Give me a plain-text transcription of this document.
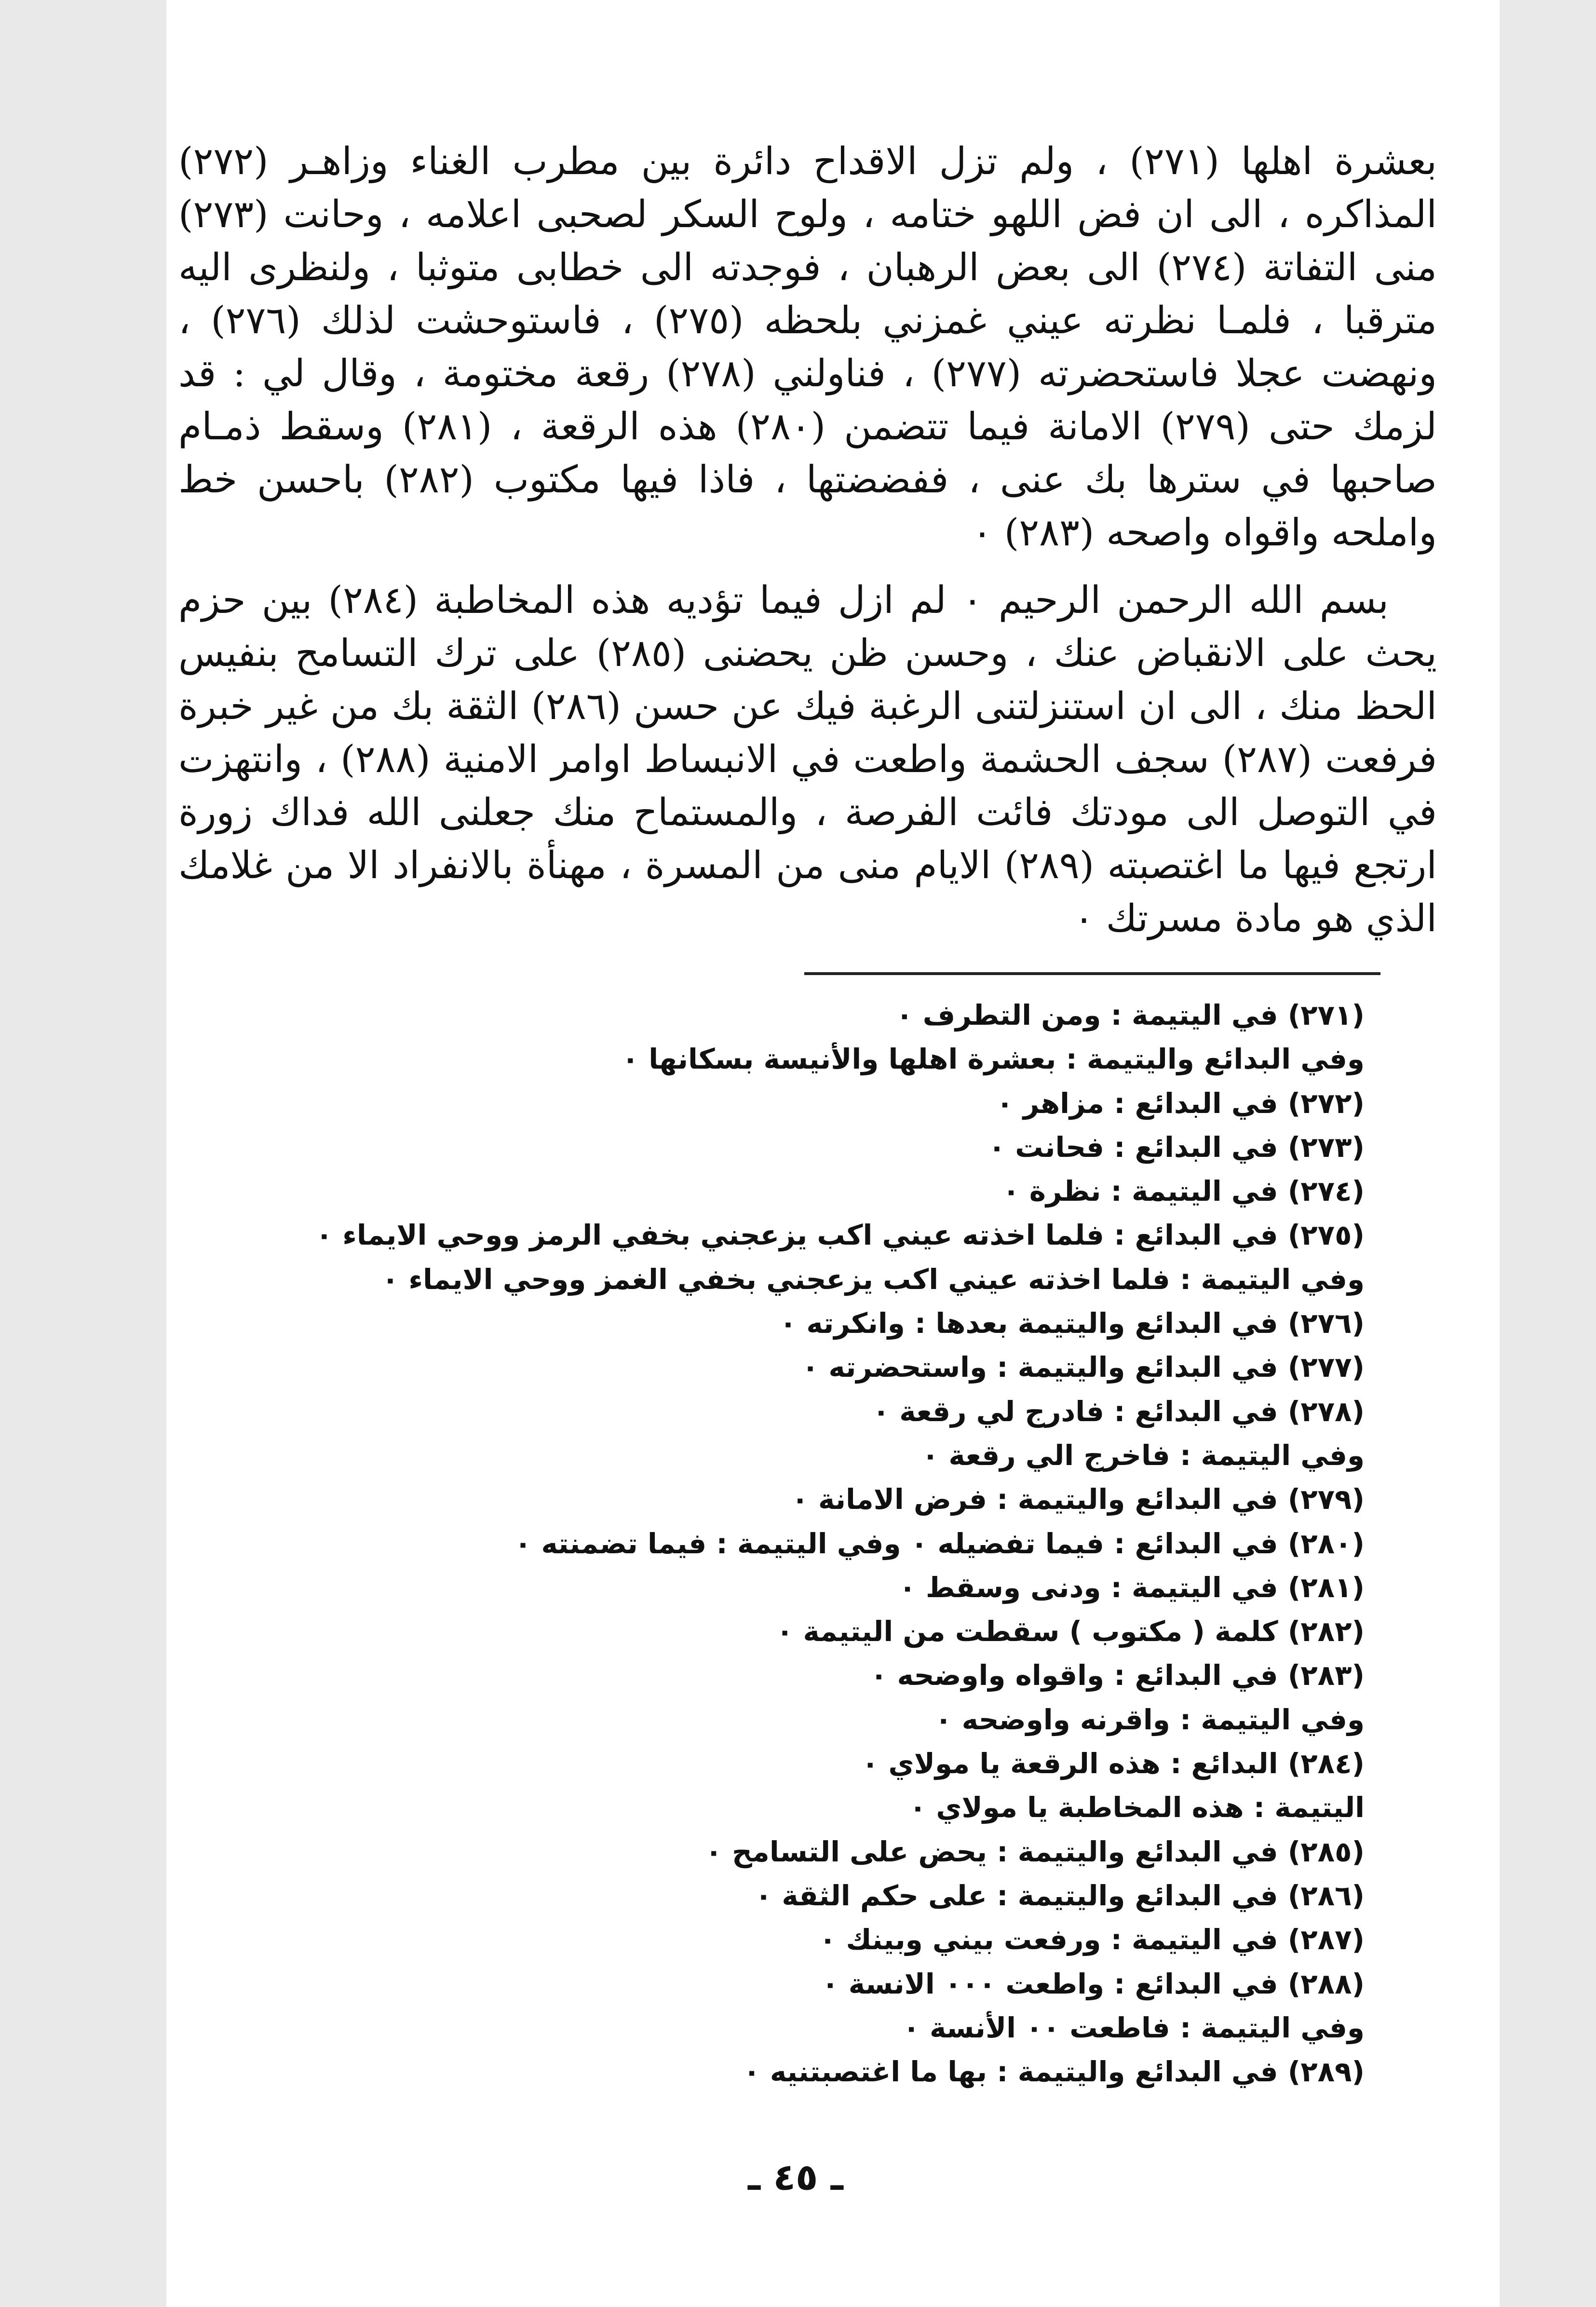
بعشرة اهلها (٢٧١) ، ولم تزل الاقداح دائرة بين مطرب الغناء وزاهـر (٢٧٢) المذاكره ، الى ان فض اللهو ختامه ، ولوح السكر لصحبى اعلامه ، وحانت (٢٧٣) منى التفاتة (٢٧٤) الى بعض الرهبان ، فوجدته الى خطابى متوثبا ، ولنظرى اليه مترقبا ، فلمـا نظرته عيني غمزني بلحظه (٢٧٥) ، فاستوحشت لذلك (٢٧٦) ، ونهضت عجلا فاستحضرته (٢٧٧) ، فناولني (٢٧٨) رقعة مختومة ، وقال لي : قد لزمك حتى (٢٧٩) الامانة فيما تتضمن (٢٨٠) هذه الرقعة ، (٢٨١) وسقط ذمـام صاحبها في سترها بك عنى ، ففضضتها ، فاذا فيها مكتوب (٢٨٢) باحسن خط واملحه واقواه واصحه (٢٨٣) ٠

بسم الله الرحمن الرحيم ٠ لم ازل فيما تؤديه هذه المخاطبة (٢٨٤) بين حزم يحث على الانقباض عنك ، وحسن ظن يحضنى (٢٨٥) على ترك التسامح بنفيس الحظ منك ، الى ان استنزلتنى الرغبة فيك عن حسن (٢٨٦) الثقة بك من غير خبرة فرفعت (٢٨٧) سجف الحشمة واطعت في الانبساط اوامر الامنية (٢٨٨) ، وانتهزت في التوصل الى مودتك فائت الفرصة ، والمستماح منك جعلنى الله فداك زورة ارتجع فيها ما اغتصبته (٢٨٩) الايام منى من المسرة ، مهنأة بالانفراد الا من غلامك الذي هو مادة مسرتك ٠

(٢٧١) في اليتيمة : ومن التطرف ٠
وفي البدائع واليتيمة : بعشرة اهلها والأنيسة بسكانها ٠
(٢٧٢) في البدائع : مزاهر ٠
(٢٧٣) في البدائع : فحانت ٠
(٢٧٤) في اليتيمة : نظرة ٠
(٢٧٥) في البدائع : فلما اخذته عيني اكب يزعجني بخفي الرمز ووحي الايماء ٠
وفي اليتيمة : فلما اخذته عيني اكب يزعجني بخفي الغمز ووحي الايماء ٠
(٢٧٦) في البدائع واليتيمة بعدها : وانكرته ٠
(٢٧٧) في البدائع واليتيمة : واستحضرته ٠
(٢٧٨) في البدائع : فادرج لي رقعة ٠
وفي اليتيمة : فاخرج الي رقعة ٠
(٢٧٩) في البدائع واليتيمة : فرض الامانة ٠
(٢٨٠) في البدائع : فيما تفضيله ٠ وفي اليتيمة : فيما تضمنته ٠
(٢٨١) في اليتيمة : ودنى وسقط ٠
(٢٨٢) كلمة ( مكتوب ) سقطت من اليتيمة ٠
(٢٨٣) في البدائع : واقواه واوضحه ٠
وفي اليتيمة : واقرنه واوضحه ٠
(٢٨٤) البدائع : هذه الرقعة يا مولاي ٠
اليتيمة : هذه المخاطبة يا مولاي ٠
(٢٨٥) في البدائع واليتيمة : يحض على التسامح ٠
(٢٨٦) في البدائع واليتيمة : على حكم الثقة ٠
(٢٨٧) في اليتيمة : ورفعت بيني وبينك ٠
(٢٨٨) في البدائع : واطعت ٠٠٠ الانسة ٠
وفي اليتيمة : فاطعت ٠٠ الأنسة ٠
(٢٨٩) في البدائع واليتيمة : بها ما اغتصبتنيه ٠
ـ ٤٥ ـ
